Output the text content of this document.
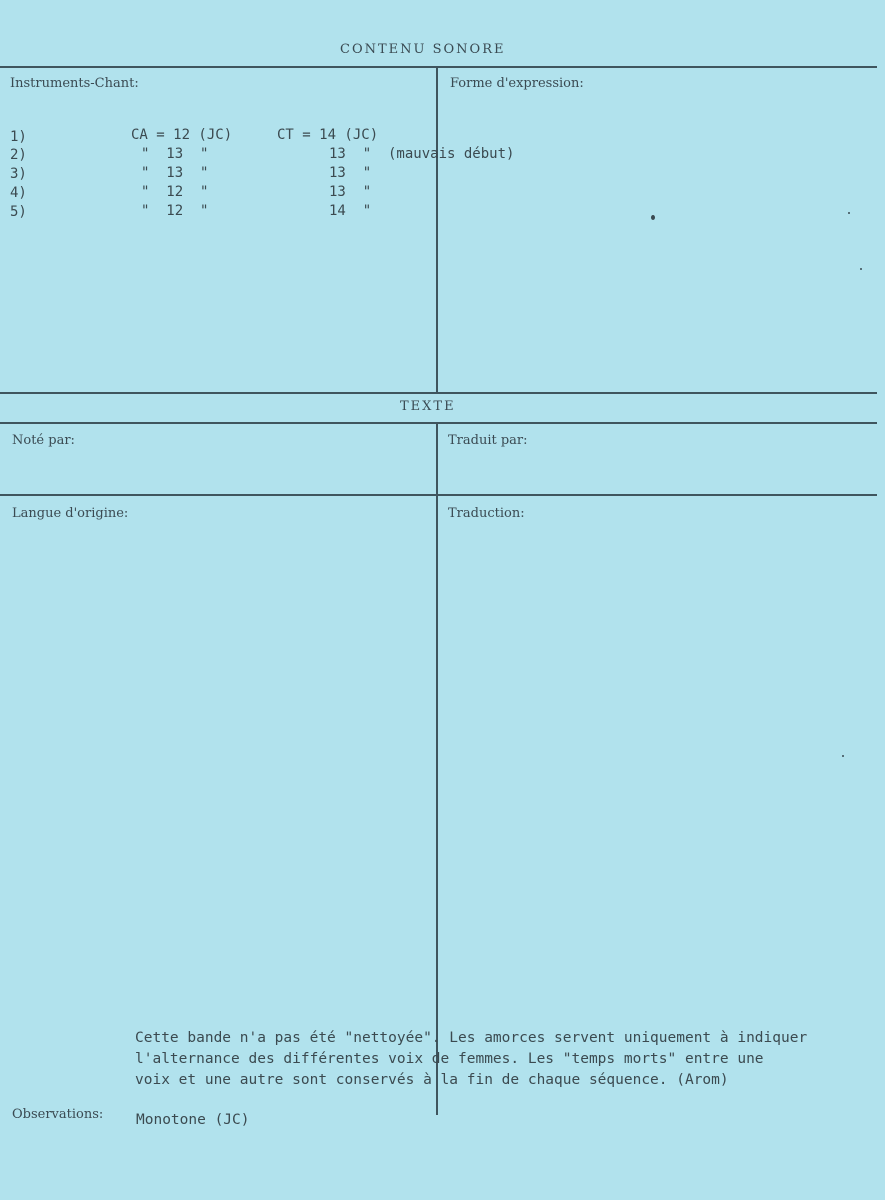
CONTENU SONORE
Instruments-Chant:	Forme d'expression:
1)	CA = 12 (JC)	CT = 14 (JC)
2)	"  13  "	13  " (mauvais début)
3)	"  13  "	13  "
4)	"  12  "	13  "
5)	"  12  "	14  "
TEXTE
Noté par:	Traduit par:
Langue d'origine:	Traduction:
Cette bande n'a pas été "nettoyée". Les amorces servent uniquement à indiquer
l'alternance des différentes voix de femmes. Les "temps morts" entre une
voix et une autre sont conservés à la fin de chaque séquence. (Arom)
Observations: Monotone (JC)
